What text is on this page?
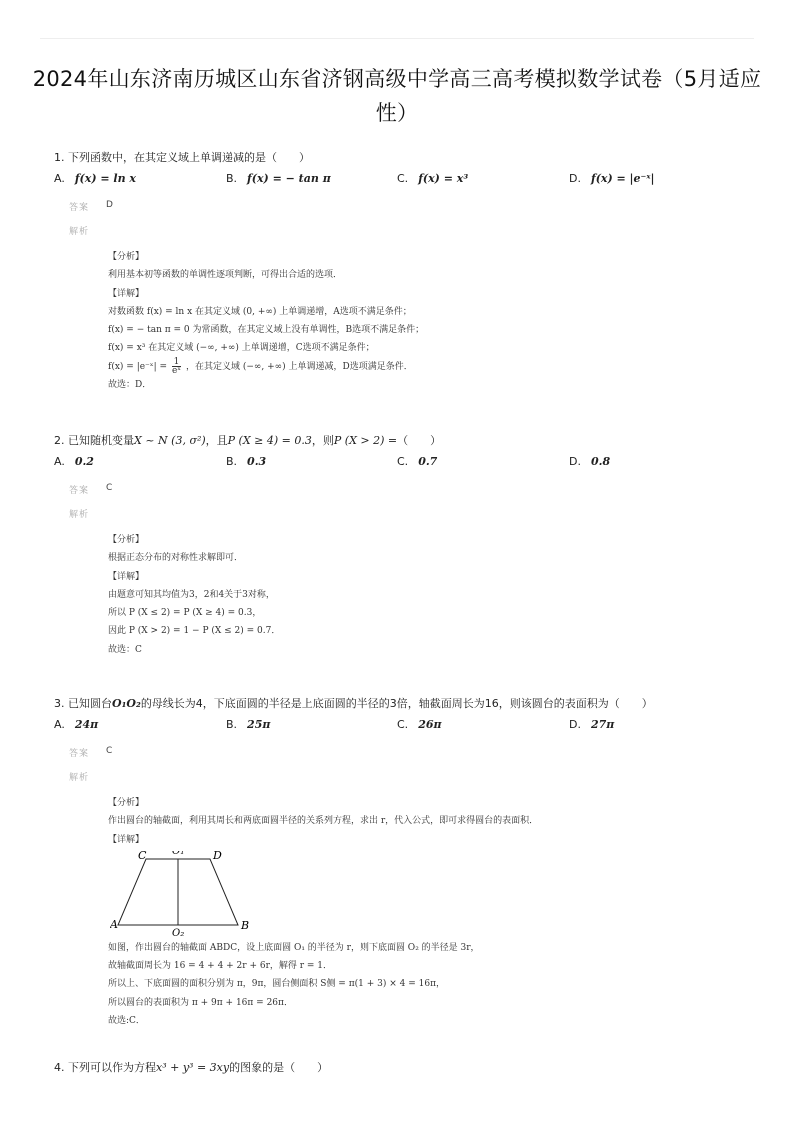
2024年山东济南历城区山东省济钢高级中学高三高考模拟数学试卷（5月适应
性）
1. 下列函数中，在其定义域上单调递减的是（　　）
A. f(x) = ln x	B. f(x) = − tan π	C. f(x) = x³	D. f(x) = |e⁻ˣ|
答案 D
解析
【分析】
利用基本初等函数的单调性逐项判断，可得出合适的选项．
【详解】
对数函数 f(x) = ln x 在其定义域 (0, +∞) 上单调递增，A选项不满足条件；
f(x) = − tan π = 0 为常函数，在其定义域上没有单调性，B选项不满足条件；
f(x) = x³ 在其定义域 (−∞, +∞) 上单调递增，C选项不满足条件；
f(x) = |e⁻ˣ| = $\frac{1}{\text{eˣ}}$ ，在其定义域 (−∞, +∞) 上单调递减，D选项满足条件．
故选：D．
2. 已知随机变量X ~ N (3, σ²)，且P (X ≥ 4) = 0.3，则P (X > 2) =（　　）
A. 0.2	B. 0.3	C. 0.7	D. 0.8
答案 C
解析
【分析】
根据正态分布的对称性求解即可．
【详解】
由题意可知其均值为3，2和4关于3对称，
所以 P (X ≤ 2) = P (X ≥ 4) = 0.3，
因此 P (X > 2) = 1 − P (X ≤ 2) = 0.7．
故选：C
3. 已知圆台O₁O₂的母线长为4，下底面圆的半径是上底面圆的半径的3倍，轴截面周长为16，则该圆台的表面积为（　　）
A. 24π	B. 25π	C. 26π	D. 27π
答案 C
解析
【分析】
作出圆台的轴截面，利用其周长和两底面圆半径的关系列方程，求出 r，代入公式，即可求得圆台的表面积．
【详解】
C	O₁	D
A
O₂
B
如图，作出圆台的轴截面 ABDC，设上底面圆 O₁ 的半径为 r，则下底面圆 O₂ 的半径是 3r，
故轴截面周长为 16 = 4 + 4 + 2r + 6r，解得 r = 1．
所以上、下底面圆的面积分别为 π，9π，圆台侧面积 S侧 = π(1 + 3) × 4 = 16π，
所以圆台的表面积为 π + 9π + 16π = 26π．
故选:C．
4. 下列可以作为方程x³ + y³ = 3xy的图象的是（　　）
